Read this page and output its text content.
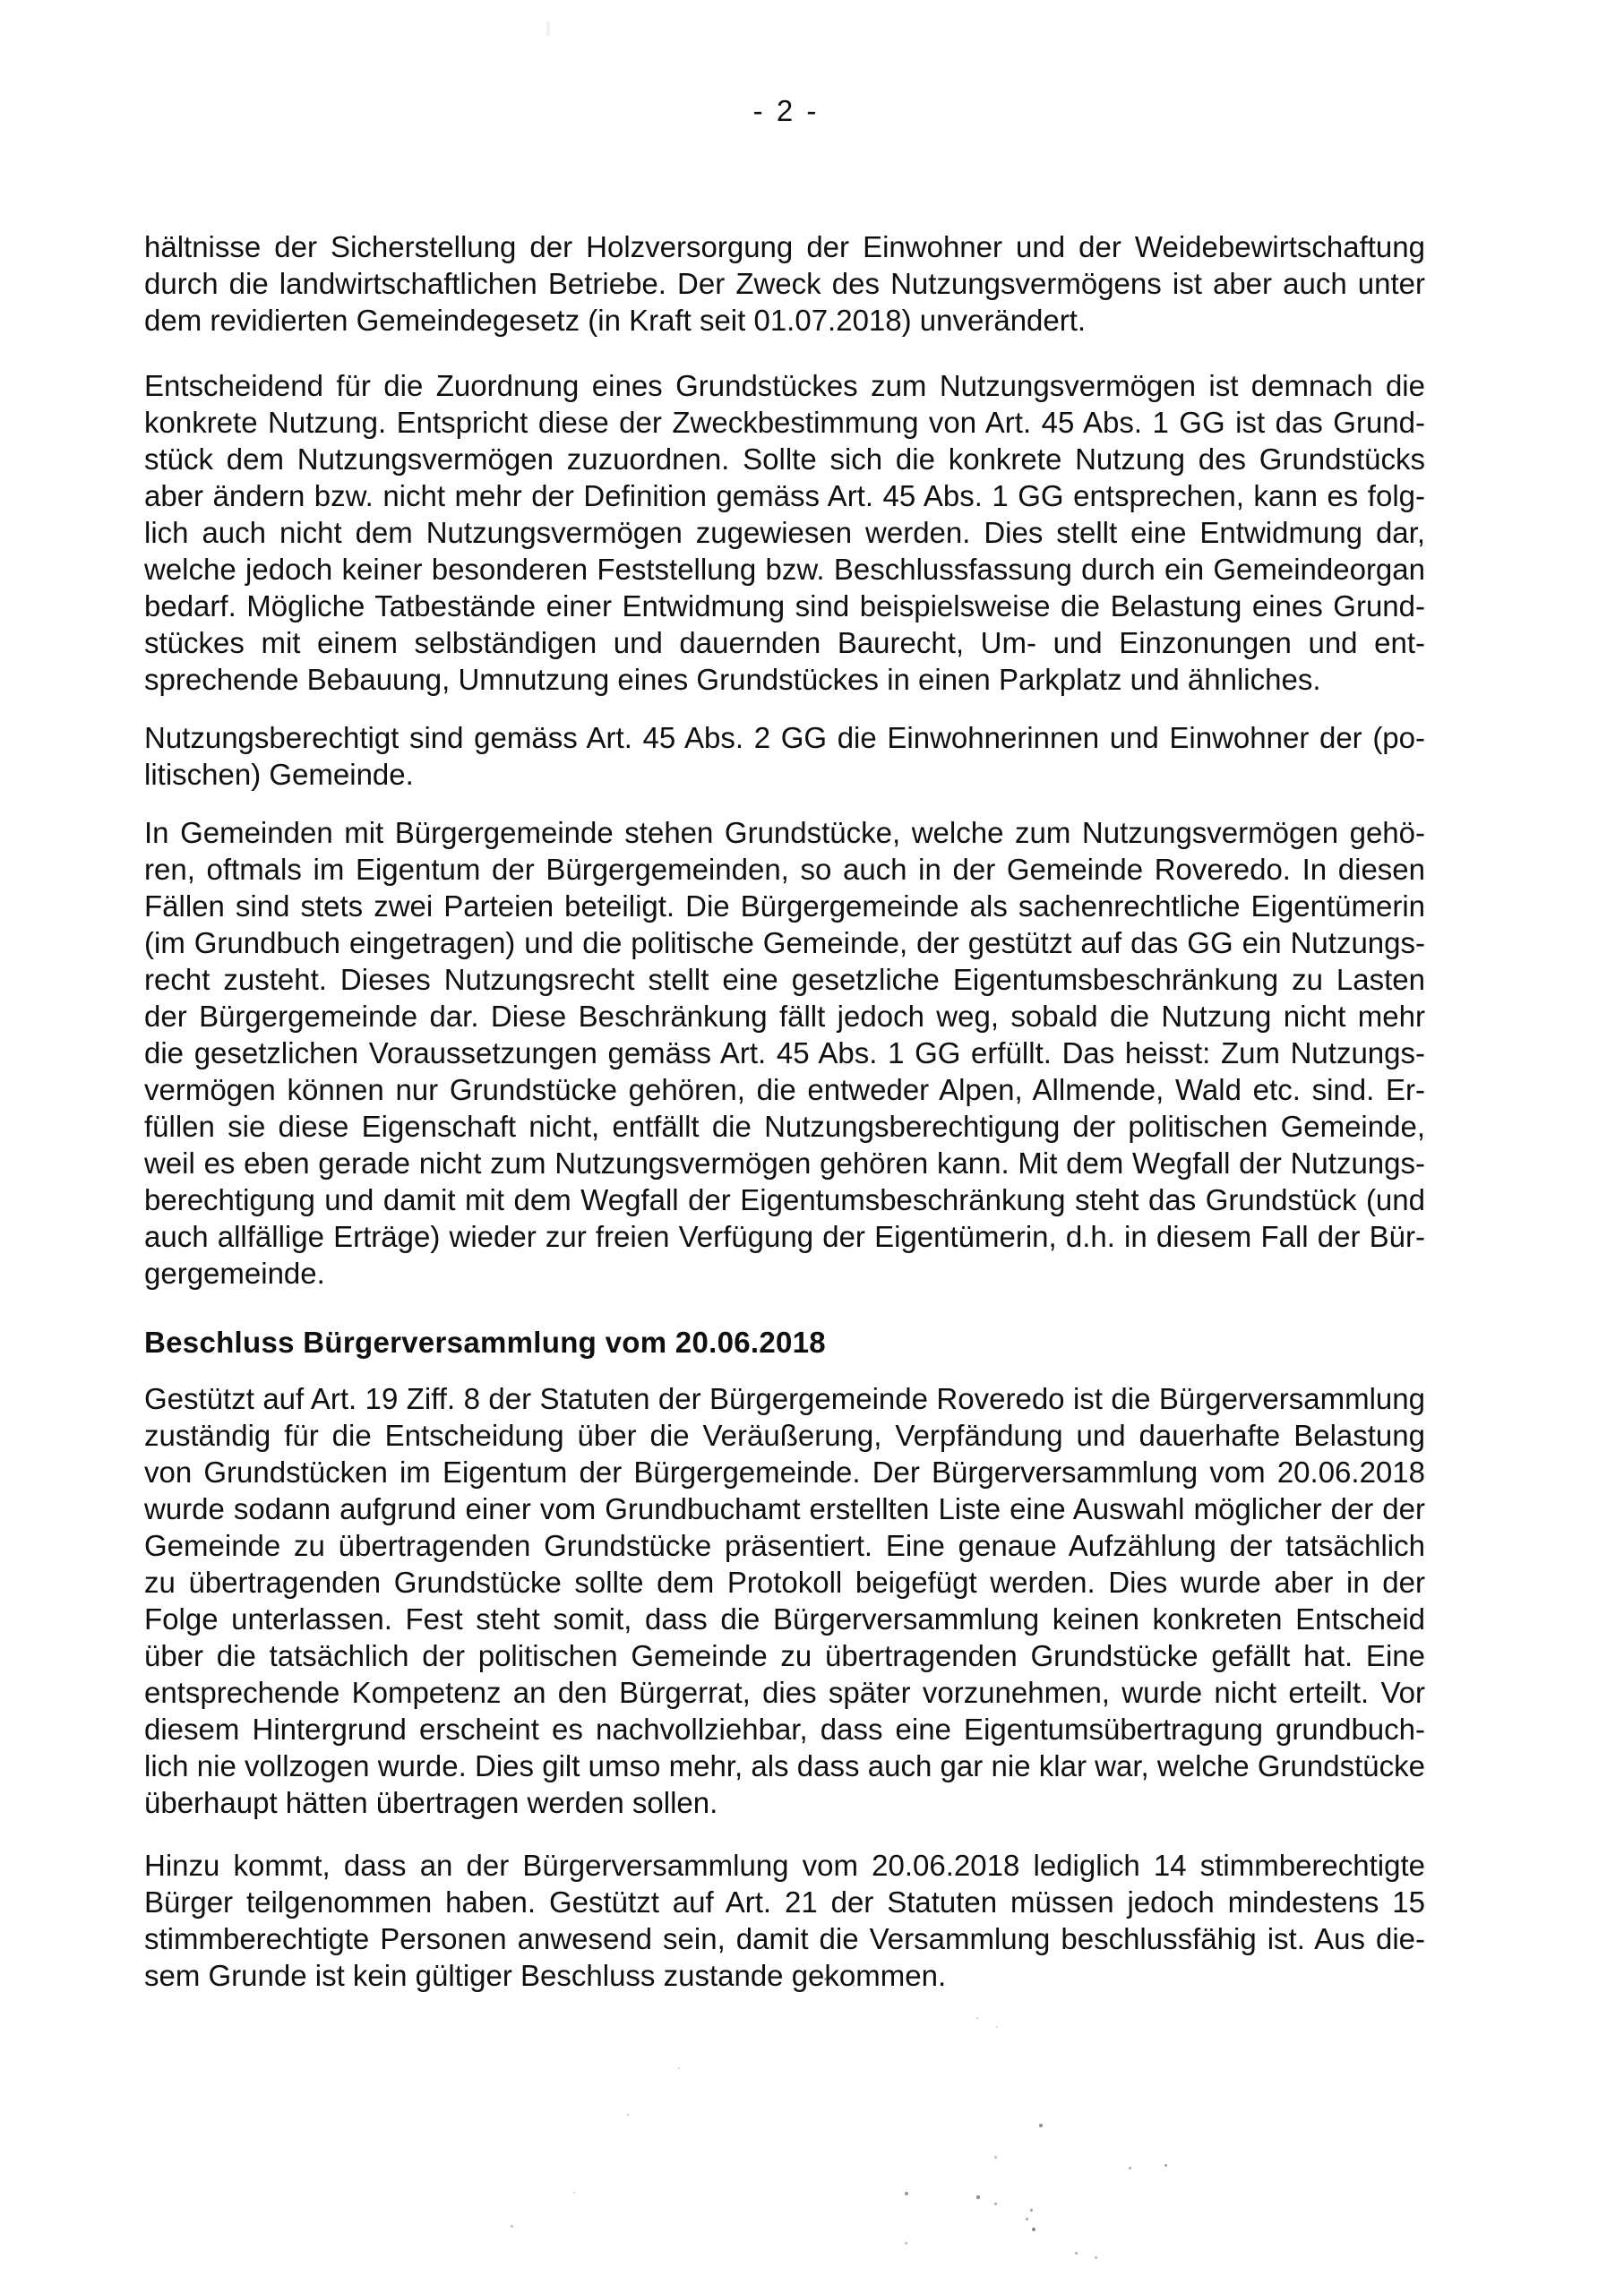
- 2 -
hältnisse der Sicherstellung der Holzversorgung der Einwohner und der Weidebewirtschaftung
durch die landwirtschaftlichen Betriebe. Der Zweck des Nutzungsvermögens ist aber auch unter
dem revidierten Gemeindegesetz (in Kraft seit 01.07.2018) unverändert.
Entscheidend für die Zuordnung eines Grundstückes zum Nutzungsvermögen ist demnach die
konkrete Nutzung. Entspricht diese der Zweckbestimmung von Art. 45 Abs. 1 GG ist das Grund-
stück dem Nutzungsvermögen zuzuordnen. Sollte sich die konkrete Nutzung des Grundstücks
aber ändern bzw. nicht mehr der Definition gemäss Art. 45 Abs. 1 GG entsprechen, kann es folg-
lich auch nicht dem Nutzungsvermögen zugewiesen werden. Dies stellt eine Entwidmung dar,
welche jedoch keiner besonderen Feststellung bzw. Beschlussfassung durch ein Gemeindeorgan
bedarf. Mögliche Tatbestände einer Entwidmung sind beispielsweise die Belastung eines Grund-
stückes mit einem selbständigen und dauernden Baurecht, Um- und Einzonungen und ent-
sprechende Bebauung, Umnutzung eines Grundstückes in einen Parkplatz und ähnliches.
Nutzungsberechtigt sind gemäss Art. 45 Abs. 2 GG die Einwohnerinnen und Einwohner der (po-
litischen) Gemeinde.
In Gemeinden mit Bürgergemeinde stehen Grundstücke, welche zum Nutzungsvermögen gehö-
ren, oftmals im Eigentum der Bürgergemeinden, so auch in der Gemeinde Roveredo. In diesen
Fällen sind stets zwei Parteien beteiligt. Die Bürgergemeinde als sachenrechtliche Eigentümerin
(im Grundbuch eingetragen) und die politische Gemeinde, der gestützt auf das GG ein Nutzungs-
recht zusteht. Dieses Nutzungsrecht stellt eine gesetzliche Eigentumsbeschränkung zu Lasten
der Bürgergemeinde dar. Diese Beschränkung fällt jedoch weg, sobald die Nutzung nicht mehr
die gesetzlichen Voraussetzungen gemäss Art. 45 Abs. 1 GG erfüllt. Das heisst: Zum Nutzungs-
vermögen können nur Grundstücke gehören, die entweder Alpen, Allmende, Wald etc. sind. Er-
füllen sie diese Eigenschaft nicht, entfällt die Nutzungsberechtigung der politischen Gemeinde,
weil es eben gerade nicht zum Nutzungsvermögen gehören kann. Mit dem Wegfall der Nutzungs-
berechtigung und damit mit dem Wegfall der Eigentumsbeschränkung steht das Grundstück (und
auch allfällige Erträge) wieder zur freien Verfügung der Eigentümerin, d.h. in diesem Fall der Bür-
gergemeinde.
Beschluss Bürgerversammlung vom 20.06.2018
Gestützt auf Art. 19 Ziff. 8 der Statuten der Bürgergemeinde Roveredo ist die Bürgerversammlung
zuständig für die Entscheidung über die Veräußerung, Verpfändung und dauerhafte Belastung
von Grundstücken im Eigentum der Bürgergemeinde. Der Bürgerversammlung vom 20.06.2018
wurde sodann aufgrund einer vom Grundbuchamt erstellten Liste eine Auswahl möglicher der der
Gemeinde zu übertragenden Grundstücke präsentiert. Eine genaue Aufzählung der tatsächlich
zu übertragenden Grundstücke sollte dem Protokoll beigefügt werden. Dies wurde aber in der
Folge unterlassen. Fest steht somit, dass die Bürgerversammlung keinen konkreten Entscheid
über die tatsächlich der politischen Gemeinde zu übertragenden Grundstücke gefällt hat. Eine
entsprechende Kompetenz an den Bürgerrat, dies später vorzunehmen, wurde nicht erteilt. Vor
diesem Hintergrund erscheint es nachvollziehbar, dass eine Eigentumsübertragung grundbuch-
lich nie vollzogen wurde. Dies gilt umso mehr, als dass auch gar nie klar war, welche Grundstücke
überhaupt hätten übertragen werden sollen.
Hinzu kommt, dass an der Bürgerversammlung vom 20.06.2018 lediglich 14 stimmberechtigte
Bürger teilgenommen haben. Gestützt auf Art. 21 der Statuten müssen jedoch mindestens 15
stimmberechtigte Personen anwesend sein, damit die Versammlung beschlussfähig ist. Aus die-
sem Grunde ist kein gültiger Beschluss zustande gekommen.
